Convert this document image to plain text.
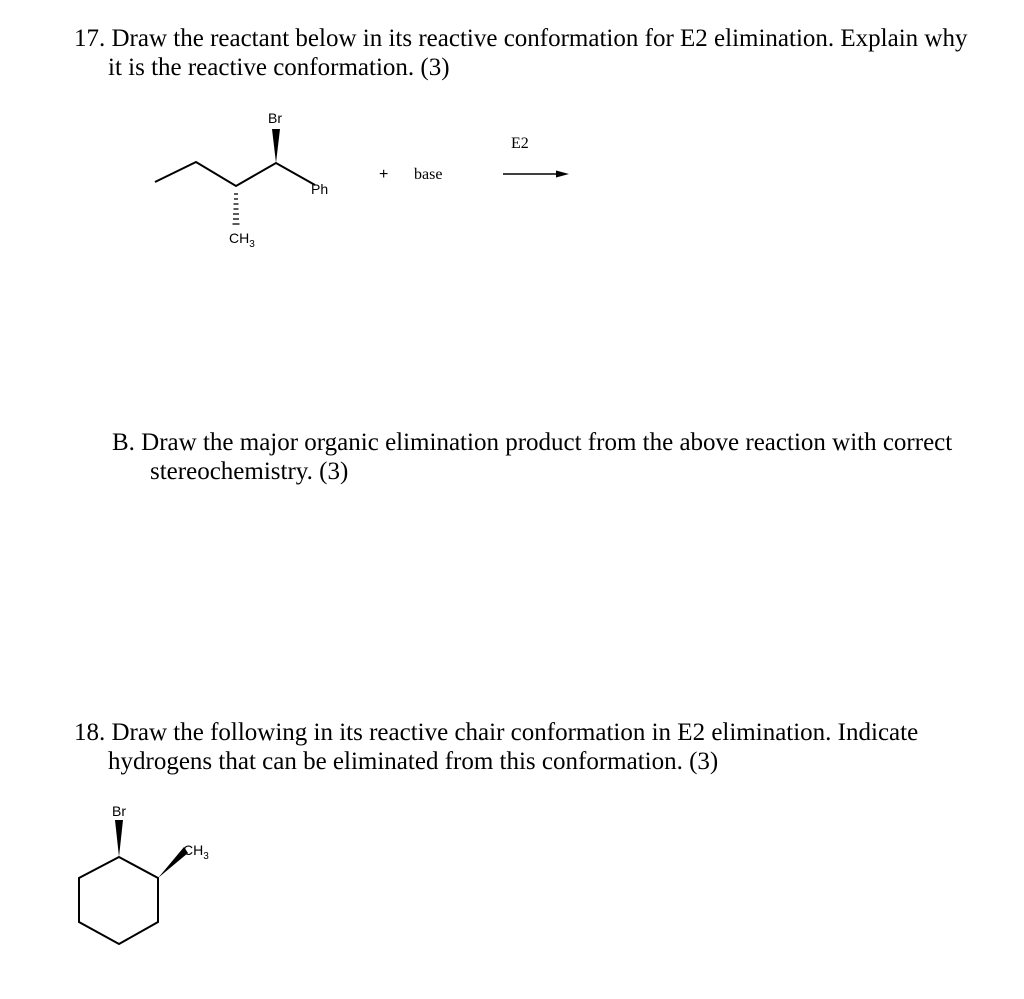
17. Draw the reactant below in its reactive conformation for E2 elimination. Explain why

it is the reactive conformation. (3)

Br
$CH_3$
Ph
+ base
E2

B. Draw the major organic elimination product from the above reaction with correct

stereochemistry. (3)

18. Draw the following in its reactive chair conformation in E2 elimination. Indicate

hydrogens that can be eliminated from this conformation. (3)

Br
$CH_3$
